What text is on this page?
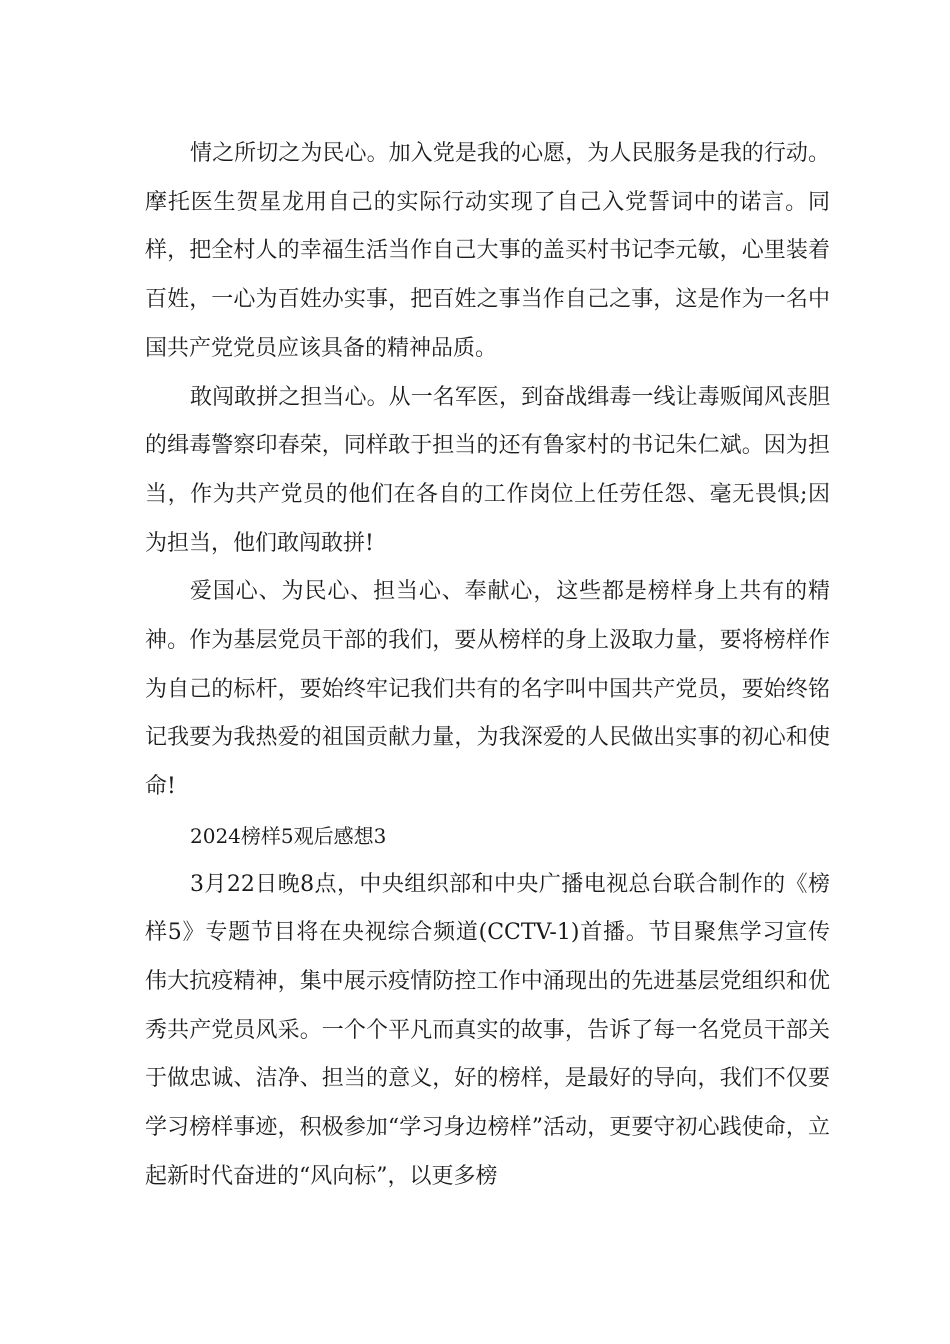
情之所切之为民心。加入党是我的心愿，为人民服务是我的行动。摩托医生贺星龙用自己的实际行动实现了自己入党誓词中的诺言。同样，把全村人的幸福生活当作自己大事的盖买村书记李元敏，心里装着百姓，一心为百姓办实事，把百姓之事当作自己之事，这是作为一名中国共产党党员应该具备的精神品质。

敢闯敢拼之担当心。从一名军医，到奋战缉毒一线让毒贩闻风丧胆的缉毒警察印春荣，同样敢于担当的还有鲁家村的书记朱仁斌。因为担当，作为共产党员的他们在各自的工作岗位上任劳任怨、毫无畏惧;因为担当，他们敢闯敢拼!

爱国心、为民心、担当心、奉献心，这些都是榜样身上共有的精神。作为基层党员干部的我们，要从榜样的身上汲取力量，要将榜样作为自己的标杆，要始终牢记我们共有的名字叫中国共产党员，要始终铭记我要为我热爱的祖国贡献力量，为我深爱的人民做出实事的初心和使命!

2024榜样5观后感想3

3月22日晚8点，中央组织部和中央广播电视总台联合制作的《榜样5》专题节目将在央视综合频道(CCTV-1)首播。节目聚焦学习宣传伟大抗疫精神，集中展示疫情防控工作中涌现出的先进基层党组织和优秀共产党员风采。一个个平凡而真实的故事，告诉了每一名党员干部关于做忠诚、洁净、担当的意义，好的榜样，是最好的导向，我们不仅要学习榜样事迹，积极参加“学习身边榜样”活动，更要守初心践使命，立起新时代奋进的“风向标”，以更多榜
